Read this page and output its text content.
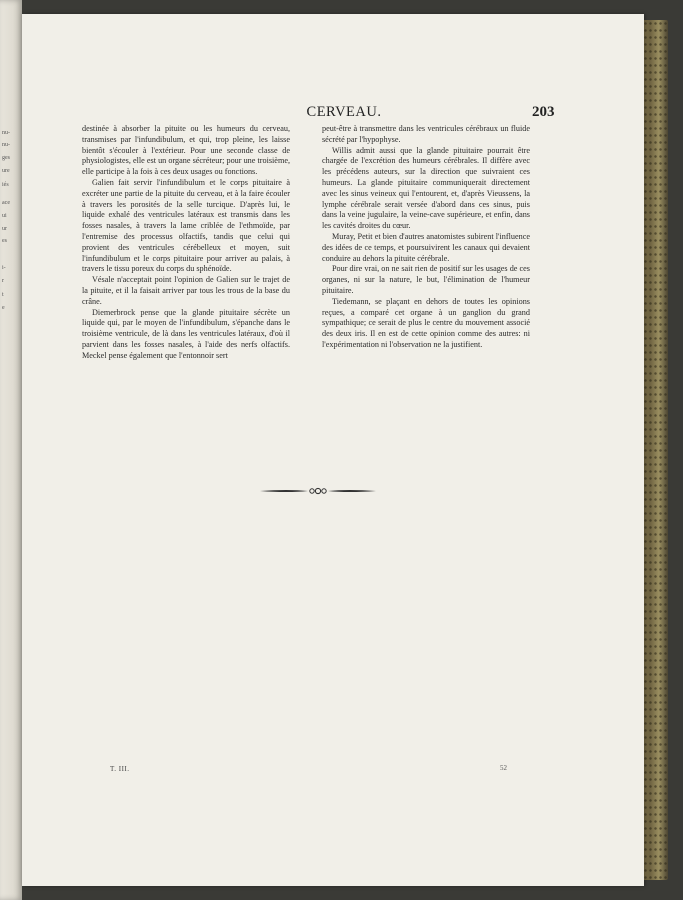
nu-
nu-
ges
ure
iés
ace
ui
ur
es
i-
r
t
e
CERVEAU.	203

destinée à absorber la pituite ou les humeurs du cerveau, transmises par l'infundibulum, et qui, trop pleine, les laisse bientôt s'écouler à l'extérieur. Pour une seconde classe de physiologistes, elle est un organe sécréteur; pour une troisième, elle participe à la fois à ces deux usages ou fonctions.

Galien fait servir l'infundibulum et le corps pituitaire à excréter une partie de la pituite du cerveau, et à la faire écouler à travers les porosités de la selle turcique. D'après lui, le liquide exhalé des ventricules latéraux est transmis dans les fosses nasales, à travers la lame criblée de l'ethmoïde, par l'entremise des processus olfactifs, tandis que celui qui provient des ventricules cérébelleux et moyen, suit l'infundibulum et le corps pituitaire pour arriver au palais, à travers le tissu poreux du corps du sphénoïde.

Vésale n'acceptait point l'opinion de Galien sur le trajet de la pituite, et il la faisait arriver par tous les trous de la base du crâne.

Diemerbrock pense que la glande pituitaire sécrète un liquide qui, par le moyen de l'infundibulum, s'épanche dans le troisième ventricule, de là dans les ventricules latéraux, d'où il parvient dans les fosses nasales, à l'aide des nerfs olfactifs. Meckel pense également que l'entonnoir sert

peut-être à transmettre dans les ventricules cérébraux un fluide sécrété par l'hypophyse.

Willis admit aussi que la glande pituitaire pourrait être chargée de l'excrétion des humeurs cérébrales. Il diffère avec les précédens auteurs, sur la direction que suivraient ces humeurs. La glande pituitaire communiquerait directement avec les sinus veineux qui l'entourent, et, d'après Vieussens, la lymphe cérébrale serait versée d'abord dans ces sinus, puis dans la veine jugulaire, la veine-cave supérieure, et enfin, dans les cavités droites du cœur.

Muray, Petit et bien d'autres anatomistes subirent l'influence des idées de ce temps, et poursuivirent les canaux qui devaient conduire au dehors la pituite cérébrale.

Pour dire vrai, on ne sait rien de positif sur les usages de ces organes, ni sur la nature, le but, l'élimination de l'humeur pituitaire.

Tiedemann, se plaçant en dehors de toutes les opinions reçues, a comparé cet organe à un ganglion du grand sympathique; ce serait de plus le centre du mouvement associé des deux iris. Il en est de cette opinion comme des autres: ni l'expérimentation ni l'observation ne la justifient.

T. III.	52
